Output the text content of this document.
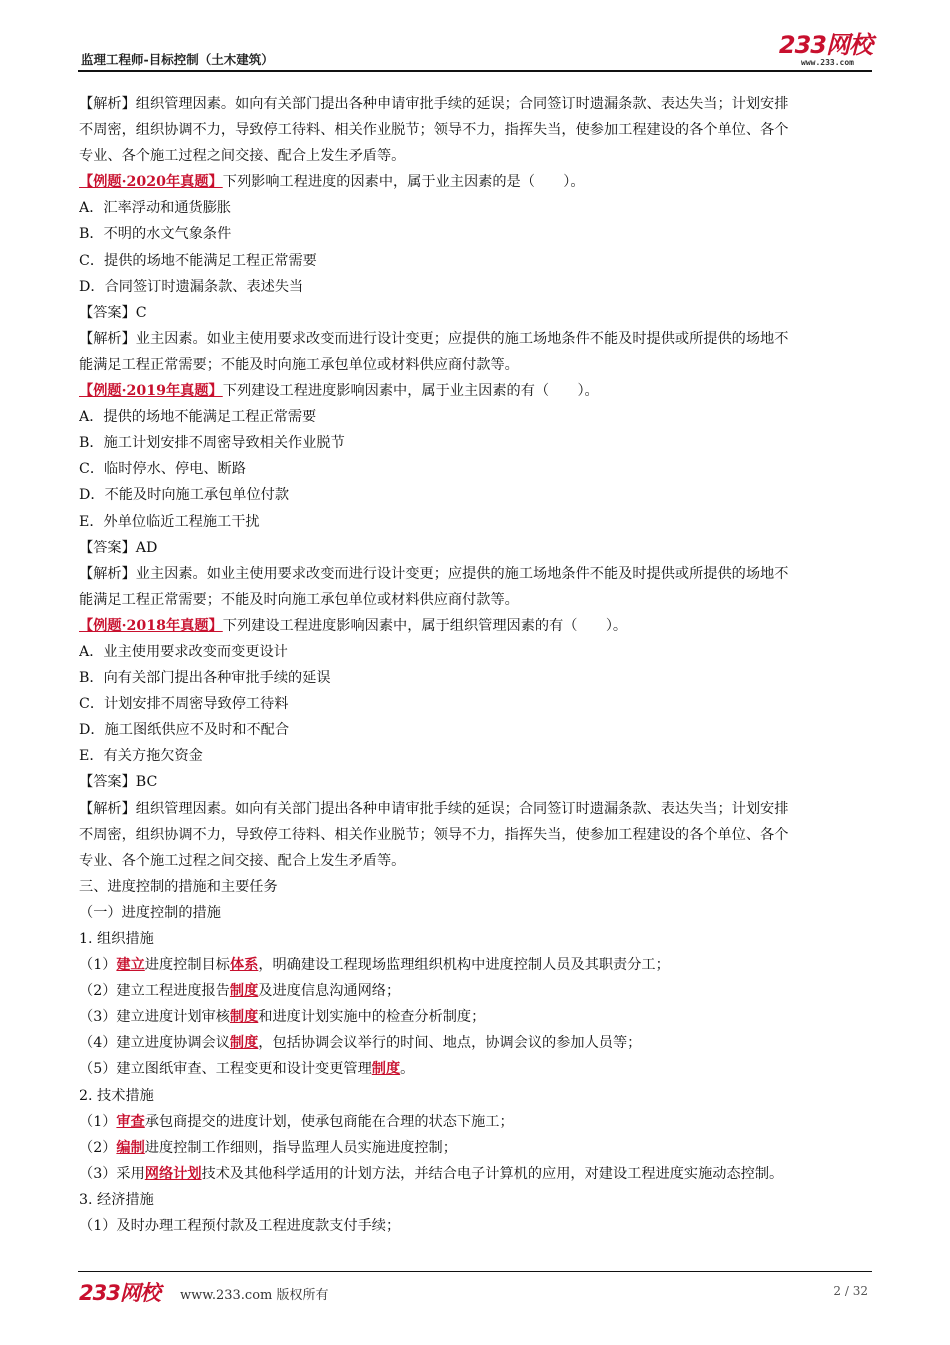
监理工程师-目标控制（土木建筑）
233网校
www.233.com
【解析】组织管理因素。如向有关部门提出各种申请审批手续的延误；合同签订时遗漏条款、表达失当；计划安排
不周密，组织协调不力，导致停工待料、相关作业脱节；领导不力，指挥失当，使参加工程建设的各个单位、各个
专业、各个施工过程之间交接、配合上发生矛盾等。
【例题·2020年真题】下列影响工程进度的因素中，属于业主因素的是（　　）。
A．汇率浮动和通货膨胀
B．不明的水文气象条件
C．提供的场地不能满足工程正常需要
D．合同签订时遗漏条款、表述失当
【答案】C
【解析】业主因素。如业主使用要求改变而进行设计变更；应提供的施工场地条件不能及时提供或所提供的场地不
能满足工程正常需要；不能及时向施工承包单位或材料供应商付款等。
【例题·2019年真题】下列建设工程进度影响因素中，属于业主因素的有（　　）。
A．提供的场地不能满足工程正常需要
B．施工计划安排不周密导致相关作业脱节
C．临时停水、停电、断路
D．不能及时向施工承包单位付款
E．外单位临近工程施工干扰
【答案】AD
【解析】业主因素。如业主使用要求改变而进行设计变更；应提供的施工场地条件不能及时提供或所提供的场地不
能满足工程正常需要；不能及时向施工承包单位或材料供应商付款等。
【例题·2018年真题】下列建设工程进度影响因素中，属于组织管理因素的有（　　）。
A．业主使用要求改变而变更设计
B．向有关部门提出各种审批手续的延误
C．计划安排不周密导致停工待料
D．施工图纸供应不及时和不配合
E．有关方拖欠资金
【答案】BC
【解析】组织管理因素。如向有关部门提出各种申请审批手续的延误；合同签订时遗漏条款、表达失当；计划安排
不周密，组织协调不力，导致停工待料、相关作业脱节；领导不力，指挥失当，使参加工程建设的各个单位、各个
专业、各个施工过程之间交接、配合上发生矛盾等。
三、进度控制的措施和主要任务
（一）进度控制的措施
1. 组织措施
（1）建立进度控制目标体系，明确建设工程现场监理组织机构中进度控制人员及其职责分工；
（2）建立工程进度报告制度及进度信息沟通网络；
（3）建立进度计划审核制度和进度计划实施中的检查分析制度；
（4）建立进度协调会议制度，包括协调会议举行的时间、地点，协调会议的参加人员等；
（5）建立图纸审查、工程变更和设计变更管理制度。
2. 技术措施
（1）审查承包商提交的进度计划，使承包商能在合理的状态下施工；
（2）编制进度控制工作细则，指导监理人员实施进度控制；
（3）采用网络计划技术及其他科学适用的计划方法，并结合电子计算机的应用，对建设工程进度实施动态控制。
3. 经济措施
（1）及时办理工程预付款及工程进度款支付手续；
233网校 www.233.com 版权所有	2 / 32
